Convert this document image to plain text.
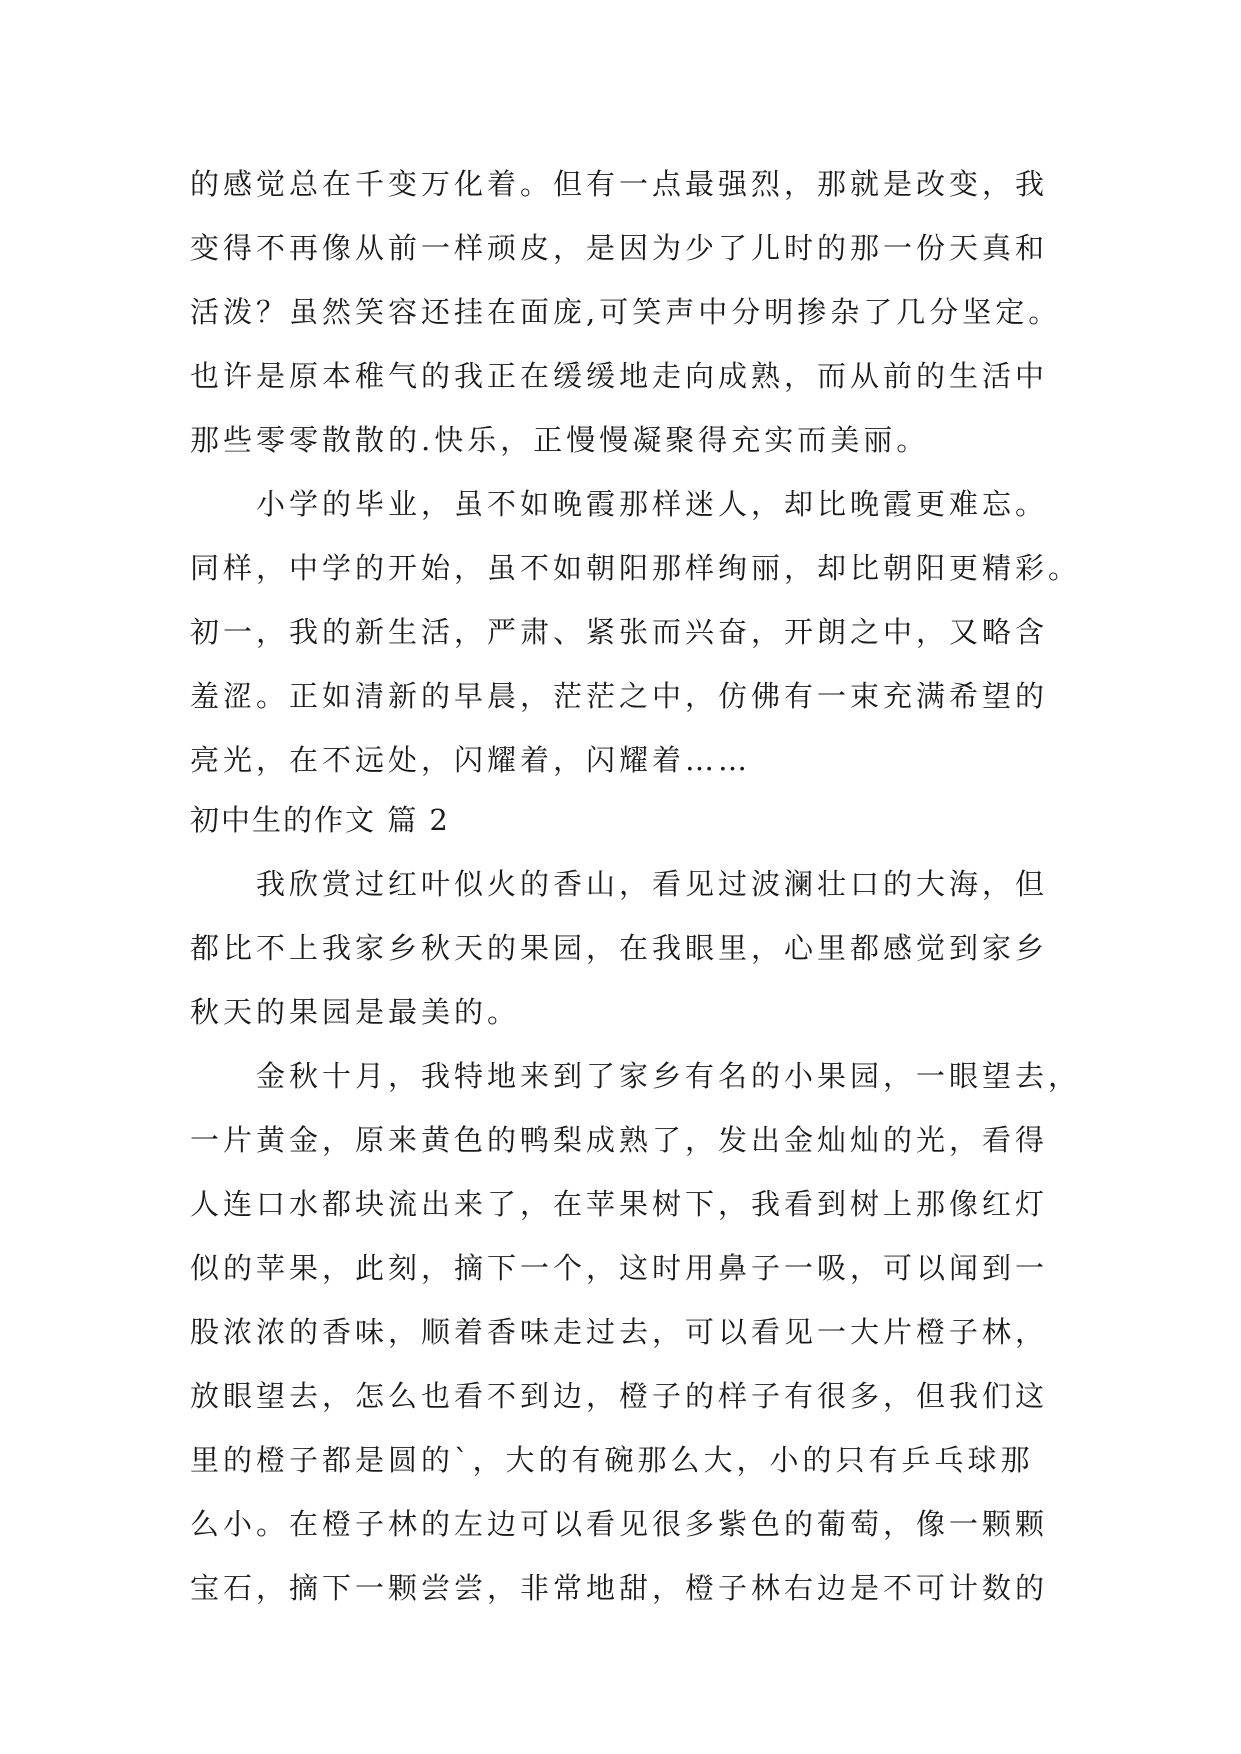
的感觉总在千变万化着。但有一点最强烈，那就是改变，我
变得不再像从前一样顽皮，是因为少了儿时的那一份天真和
活泼？虽然笑容还挂在面庞,可笑声中分明掺杂了几分坚定。
也许是原本稚气的我正在缓缓地走向成熟，而从前的生活中
那些零零散散的.快乐，正慢慢凝聚得充实而美丽。
小学的毕业，虽不如晚霞那样迷人，却比晚霞更难忘。
同样，中学的开始，虽不如朝阳那样绚丽，却比朝阳更精彩。
初一，我的新生活，严肃、紧张而兴奋，开朗之中，又略含
羞涩。正如清新的早晨，茫茫之中，仿佛有一束充满希望的
亮光，在不远处，闪耀着，闪耀着……
初中生的作文 篇 2
我欣赏过红叶似火的香山，看见过波澜壮口的大海，但
都比不上我家乡秋天的果园，在我眼里，心里都感觉到家乡
秋天的果园是最美的。
金秋十月，我特地来到了家乡有名的小果园，一眼望去，
一片黄金，原来黄色的鸭梨成熟了，发出金灿灿的光，看得
人连口水都块流出来了，在苹果树下，我看到树上那像红灯
似的苹果，此刻，摘下一个，这时用鼻子一吸，可以闻到一
股浓浓的香味，顺着香味走过去，可以看见一大片橙子林，
放眼望去，怎么也看不到边，橙子的样子有很多，但我们这
里的橙子都是圆的`，大的有碗那么大，小的只有乒乓球那
么小。在橙子林的左边可以看见很多紫色的葡萄，像一颗颗
宝石，摘下一颗尝尝，非常地甜，橙子林右边是不可计数的
